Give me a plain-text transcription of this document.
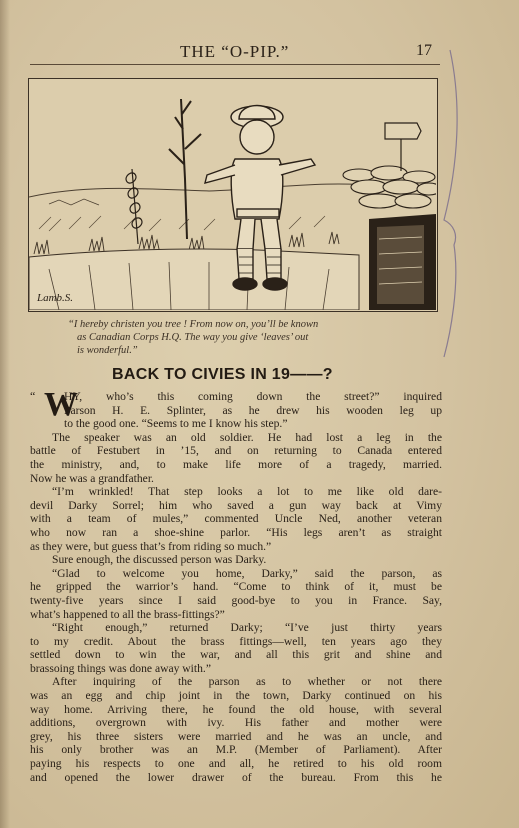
THE “O-PIP.”	17
Lamb.S.
“I hereby christen you tree ! From now on, you’ll be known
as Canadian Corps H.Q. The way you give ‘leaves’ out
is wonderful.”
BACK TO CIVIES IN 19——?
“ W
HY, who’s this coming down the street?” inquired
Parson H. E. Splinter, as he drew his wooden leg up
to the good one. “Seems to me I know his step.”
The speaker was an old soldier. He had lost a leg in the
battle of Festubert in ’15, and on returning to Canada entered
the ministry, and, to make life more of a tragedy, married.
Now he was a grandfather.
“I’m wrinkled! That step looks a lot to me like old dare-
devil Darky Sorrel; him who saved a gun way back at Vimy
with a team of mules,” commented Uncle Ned, another veteran
who now ran a shoe-shine parlor. “His legs aren’t as straight
as they were, but guess that’s from riding so much.”
Sure enough, the discussed person was Darky.
“Glad to welcome you home, Darky,” said the parson, as
he gripped the warrior’s hand. “Come to think of it, must be
twenty-five years since I said good-bye to you in France. Say,
what’s happened to all the brass-fittings?”
“Right enough,” returned Darky; “I’ve just thirty years
to my credit. About the brass fittings—well, ten years ago they
settled down to win the war, and all this grit and shine and
brassoing things was done away with.”
After inquiring of the parson as to whether or not there
was an egg and chip joint in the town, Darky continued on his
way home. Arriving there, he found the old house, with several
additions, overgrown with ivy. His father and mother were
grey, his three sisters were married and he was an uncle, and
his only brother was an M.P. (Member of Parliament). After
paying his respects to one and all, he retired to his old room
and opened the lower drawer of the bureau. From this he
